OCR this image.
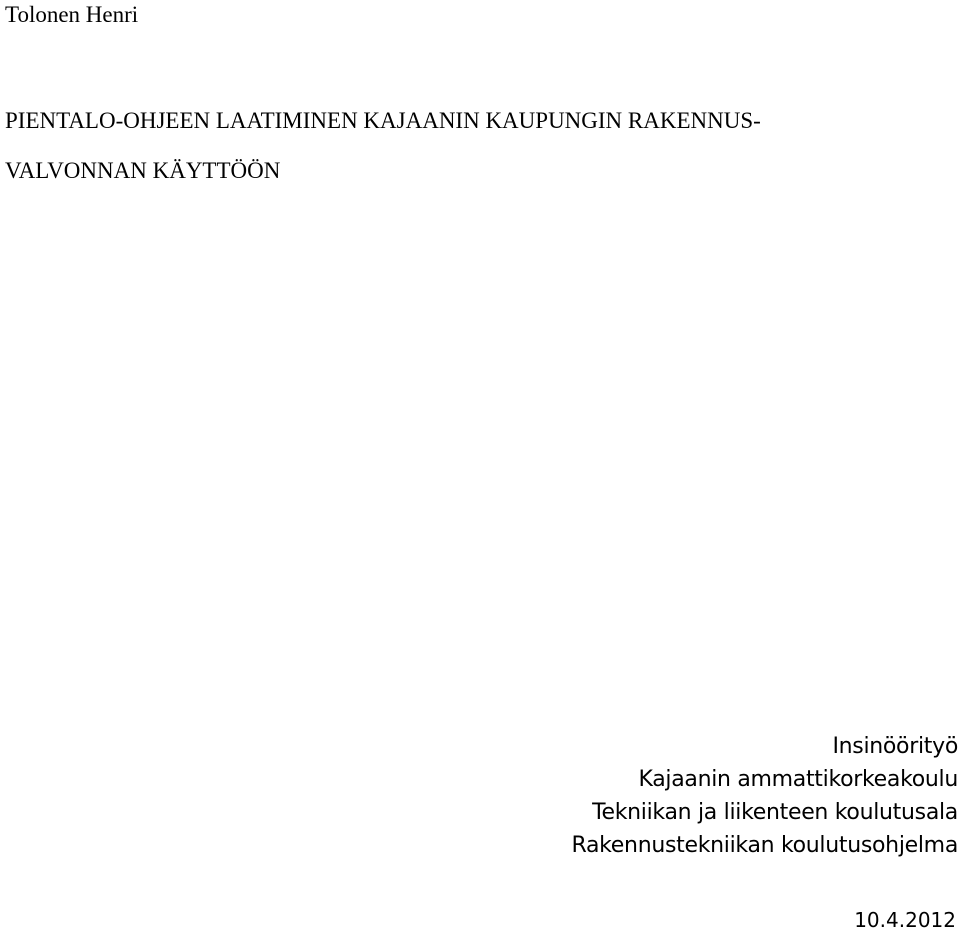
Tolonen Henri
PIENTALO-OHJEEN LAATIMINEN KAJAANIN KAUPUNGIN RAKENNUS-
VALVONNAN KÄYTTÖÖN
Insinöörityö
Kajaanin ammattikorkeakoulu
Tekniikan ja liikenteen koulutusala
Rakennustekniikan koulutusohjelma
10.4.2012
